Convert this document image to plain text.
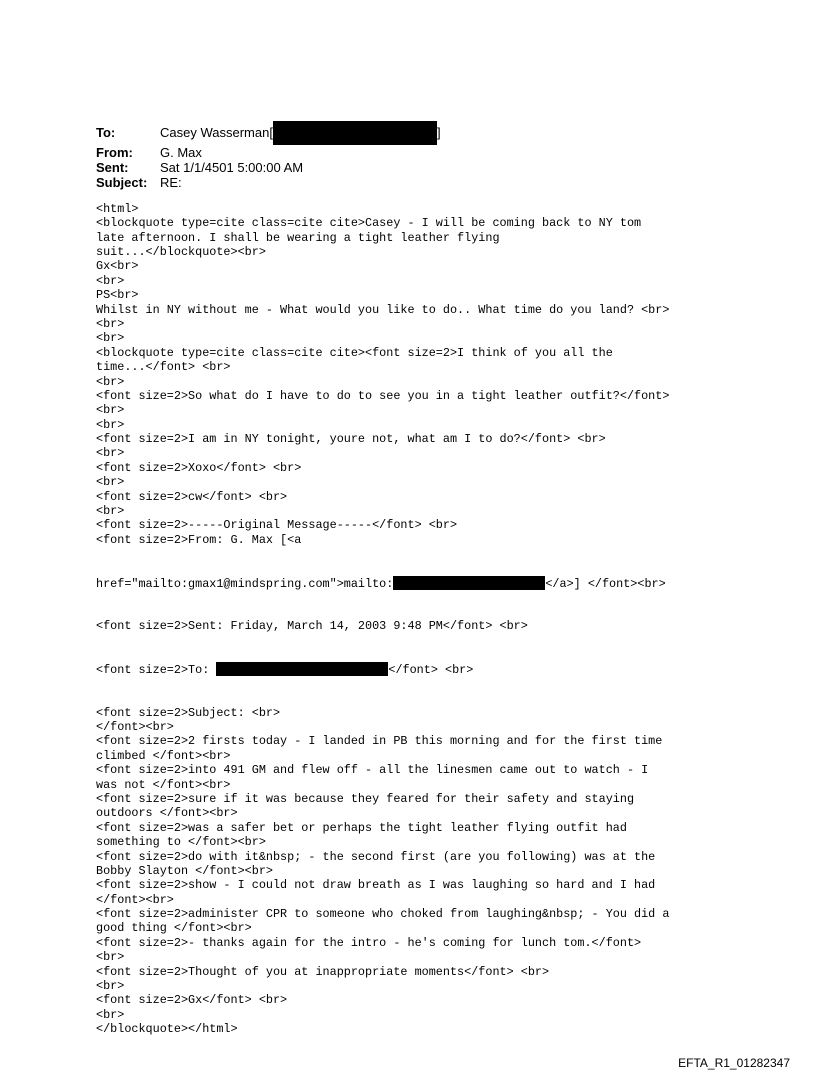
To:	Casey Wasserman[	]
From:	G. Max
Sent:	Sat 1/1/4501 5:00:00 AM
Subject: RE:

<html>
<blockquote type=cite class=cite cite>Casey - I will be coming back to NY tom
late afternoon. I shall be wearing a tight leather flying
suit...</blockquote><br>
Gx<br>
<br>
PS<br>
Whilst in NY without me - What would you like to do.. What time do you land? <br>
<br>
<br>
<blockquote type=cite class=cite cite><font size=2>I think of you all the
time...</font> <br>
<br>
<font size=2>So what do I have to do to see you in a tight leather outfit?</font>
<br>
<br>
<font size=2>I am in NY tonight, youre not, what am I to do?</font> <br>
<br>
<font size=2>Xoxo</font> <br>
<br>
<font size=2>cw</font> <br>
<br>
<font size=2>-----Original Message-----</font> <br>
<font size=2>From: G. Max [<a

href="mailto:gmax1@mindspring.com">mailto:	</a>] </font><br>

<font size=2>Sent: Friday, March 14, 2003 9:48 PM</font> <br>

<font size=2>To:	</font> <br>

<font size=2>Subject: <br>
</font><br>
<font size=2>2 firsts today - I landed in PB this morning and for the first time
climbed </font><br>
<font size=2>into 491 GM and flew off - all the linesmen came out to watch - I
was not </font><br>
<font size=2>sure if it was because they feared for their safety and staying
outdoors </font><br>
<font size=2>was a safer bet or perhaps the tight leather flying outfit had
something to </font><br>
<font size=2>do with it&nbsp; - the second first (are you following) was at the
Bobby Slayton </font><br>
<font size=2>show - I could not draw breath as I was laughing so hard and I had
</font><br>
<font size=2>administer CPR to someone who choked from laughing&nbsp; - You did a
good thing </font><br>
<font size=2>- thanks again for the intro - he's coming for lunch tom.</font>
<br>
<font size=2>Thought of you at inappropriate moments</font> <br>
<br>
<font size=2>Gx</font> <br>
<br>
</blockquote></html>

EFTA_R1_01282347
